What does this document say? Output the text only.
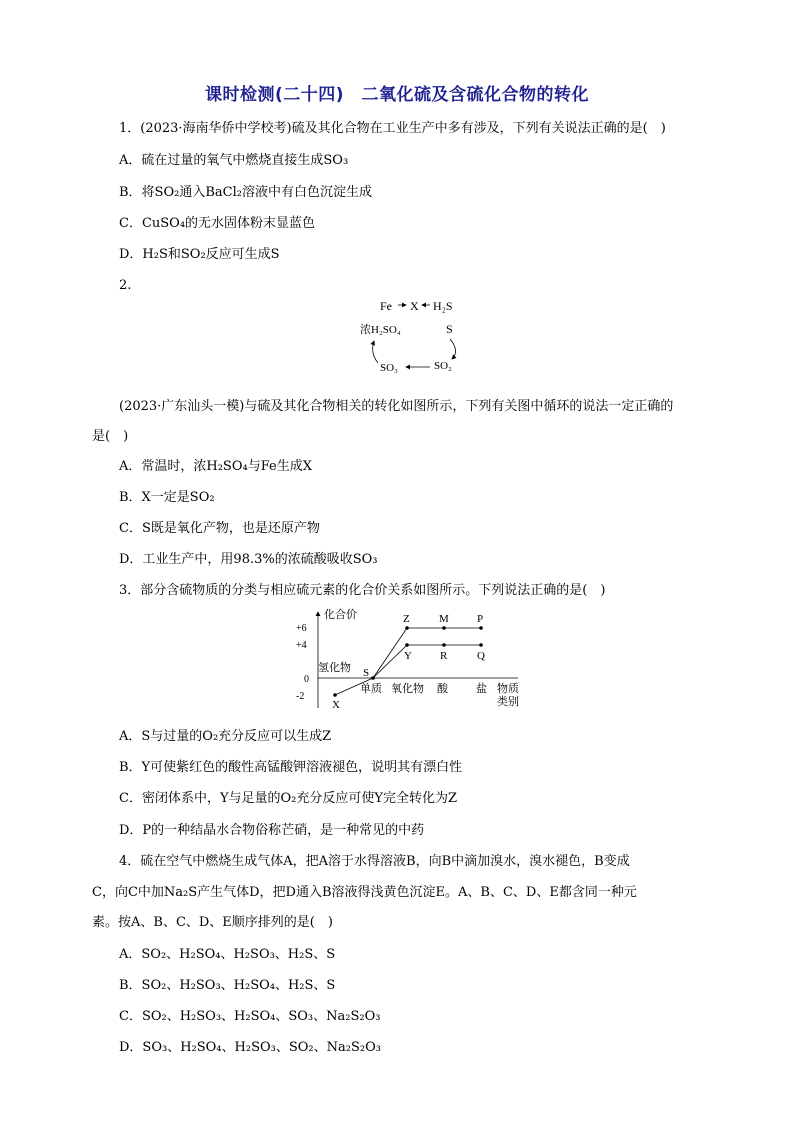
课时检测(二十四)　二氧化硫及含硫化合物的转化
1．(2023·海南华侨中学校考)硫及其化合物在工业生产中多有涉及，下列有关说法正确的是(　)
A．硫在过量的氧气中燃烧直接生成SO₃
B．将SO₂通入BaCl₂溶液中有白色沉淀生成
C．CuSO₄的无水固体粉末显蓝色
D．H₂S和SO₂反应可生成S
2.
Fe X H₂S
S
SO₂
SO₃
浓H₂SO₄
(2023·广东汕头一模)与硫及其化合物相关的转化如图所示，下列有关图中循环的说法一定正确的
是(　)
A．常温时，浓H₂SO₄与Fe生成X
B．X一定是SO₂
C．S既是氧化产物，也是还原产物
D．工业生产中，用98.3%的浓硫酸吸收SO₃
3．部分含硫物质的分类与相应硫元素的化合价关系如图所示。下列说法正确的是(　)
化合价
+6
+4
0
-2
氢化物
单质 氧化物 酸	盐 物质
类别
X
S
Y	R	Q
Z	M	P
A．S与过量的O₂充分反应可以生成Z
B．Y可使紫红色的酸性高锰酸钾溶液褪色，说明其有漂白性
C．密闭体系中，Y与足量的O₂充分反应可使Y完全转化为Z
D．P的一种结晶水合物俗称芒硝，是一种常见的中药
4．硫在空气中燃烧生成气体A，把A溶于水得溶液B，向B中滴加溴水，溴水褪色，B变成
C，向C中加Na₂S产生气体D，把D通入B溶液得浅黄色沉淀E。A、B、C、D、E都含同一种元
素。按A、B、C、D、E顺序排列的是(　)
A．SO₂、H₂SO₄、H₂SO₃、H₂S、S
B．SO₂、H₂SO₃、H₂SO₄、H₂S、S
C．SO₂、H₂SO₃、H₂SO₄、SO₃、Na₂S₂O₃
D．SO₃、H₂SO₄、H₂SO₃、SO₂、Na₂S₂O₃
